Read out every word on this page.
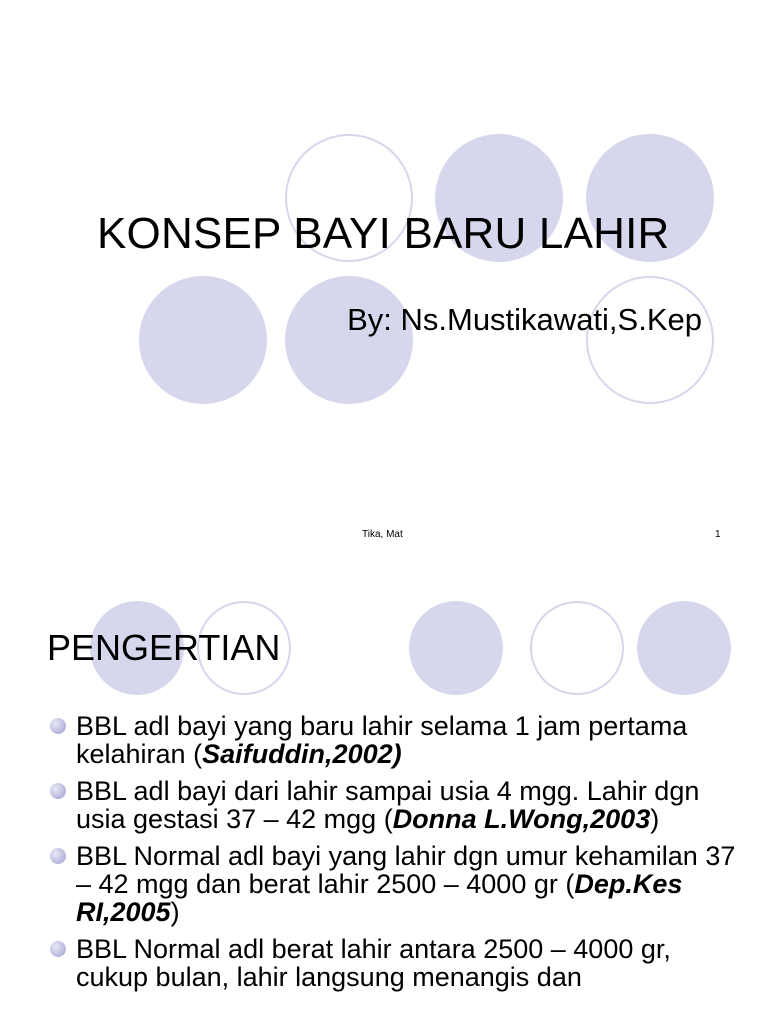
KONSEP BAYI BARU LAHIR
By: Ns.Mustikawati,S.Kep
Tika, Mat	1
PENGERTIAN
BBL adl bayi yang baru lahir selama 1 jam pertama kelahiran (Saifuddin,2002)
BBL adl bayi dari lahir sampai usia 4 mgg. Lahir dgn usia gestasi 37 – 42 mgg (Donna L.Wong,2003)
BBL Normal adl bayi yang lahir dgn umur kehamilan 37 – 42 mgg dan berat lahir 2500 – 4000 gr (Dep.Kes RI,2005)
BBL Normal adl berat lahir antara 2500 – 4000 gr, cukup bulan, lahir langsung menangis dan
